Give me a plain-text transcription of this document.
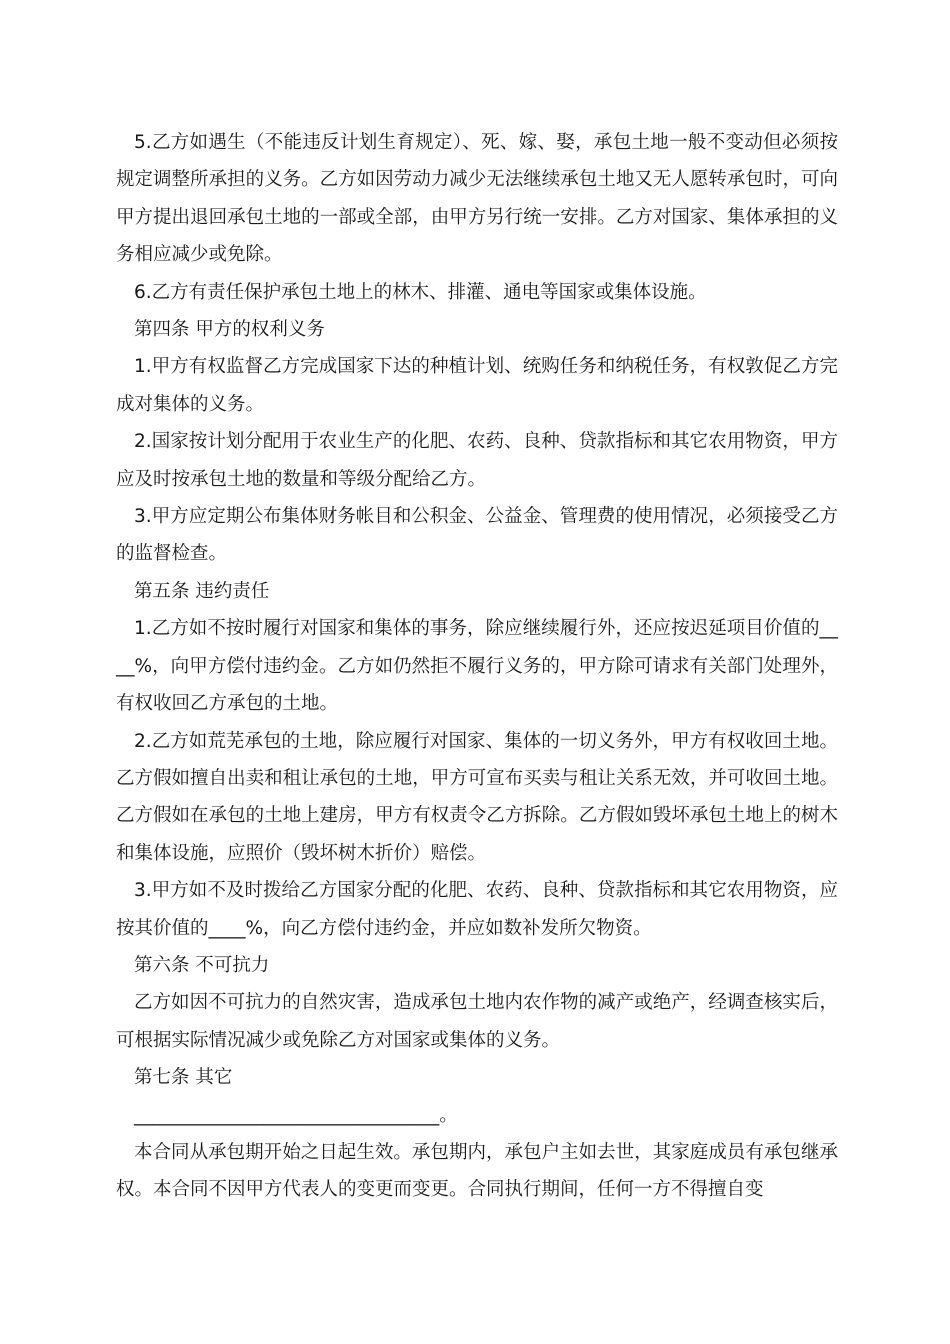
5.乙方如遇生（不能违反计划生育规定）、死、嫁、娶，承包土地一般不变动但必须按规定调整所承担的义务。乙方如因劳动力减少无法继续承包土地又无人愿转承包时，可向甲方提出退回承包土地的一部或全部，由甲方另行统一安排。乙方对国家、集体承担的义务相应减少或免除。

6.乙方有责任保护承包土地上的林木、排灌、通电等国家或集体设施。

第四条 甲方的权利义务

1.甲方有权监督乙方完成国家下达的种植计划、统购任务和纳税任务，有权敦促乙方完成对集体的义务。

2.国家按计划分配用于农业生产的化肥、农药、良种、贷款指标和其它农用物资，甲方应及时按承包土地的数量和等级分配给乙方。

3.甲方应定期公布集体财务帐目和公积金、公益金、管理费的使用情况，必须接受乙方的监督检查。

第五条 违约责任

1.乙方如不按时履行对国家和集体的事务，除应继续履行外，还应按迟延项目价值的____%，向甲方偿付违约金。乙方如仍然拒不履行义务的，甲方除可请求有关部门处理外，有权收回乙方承包的土地。

2.乙方如荒芜承包的土地，除应履行对国家、集体的一切义务外，甲方有权收回土地。乙方假如擅自出卖和租让承包的土地，甲方可宣布买卖与租让关系无效，并可收回土地。乙方假如在承包的土地上建房，甲方有权责令乙方拆除。乙方假如毁坏承包土地上的树木和集体设施，应照价（毁坏树木折价）赔偿。

3.甲方如不及时拨给乙方国家分配的化肥、农药、良种、贷款指标和其它农用物资，应按其价值的____%，向乙方偿付违约金，并应如数补发所欠物资。

第六条 不可抗力

乙方如因不可抗力的自然灾害，造成承包土地内农作物的减产或绝产，经调查核实后，可根据实际情况减少或免除乙方对国家或集体的义务。

第七条 其它

_________________________________。

本合同从承包期开始之日起生效。承包期内，承包户主如去世，其家庭成员有承包继承权。本合同不因甲方代表人的变更而变更。合同执行期间，任何一方不得擅自变
